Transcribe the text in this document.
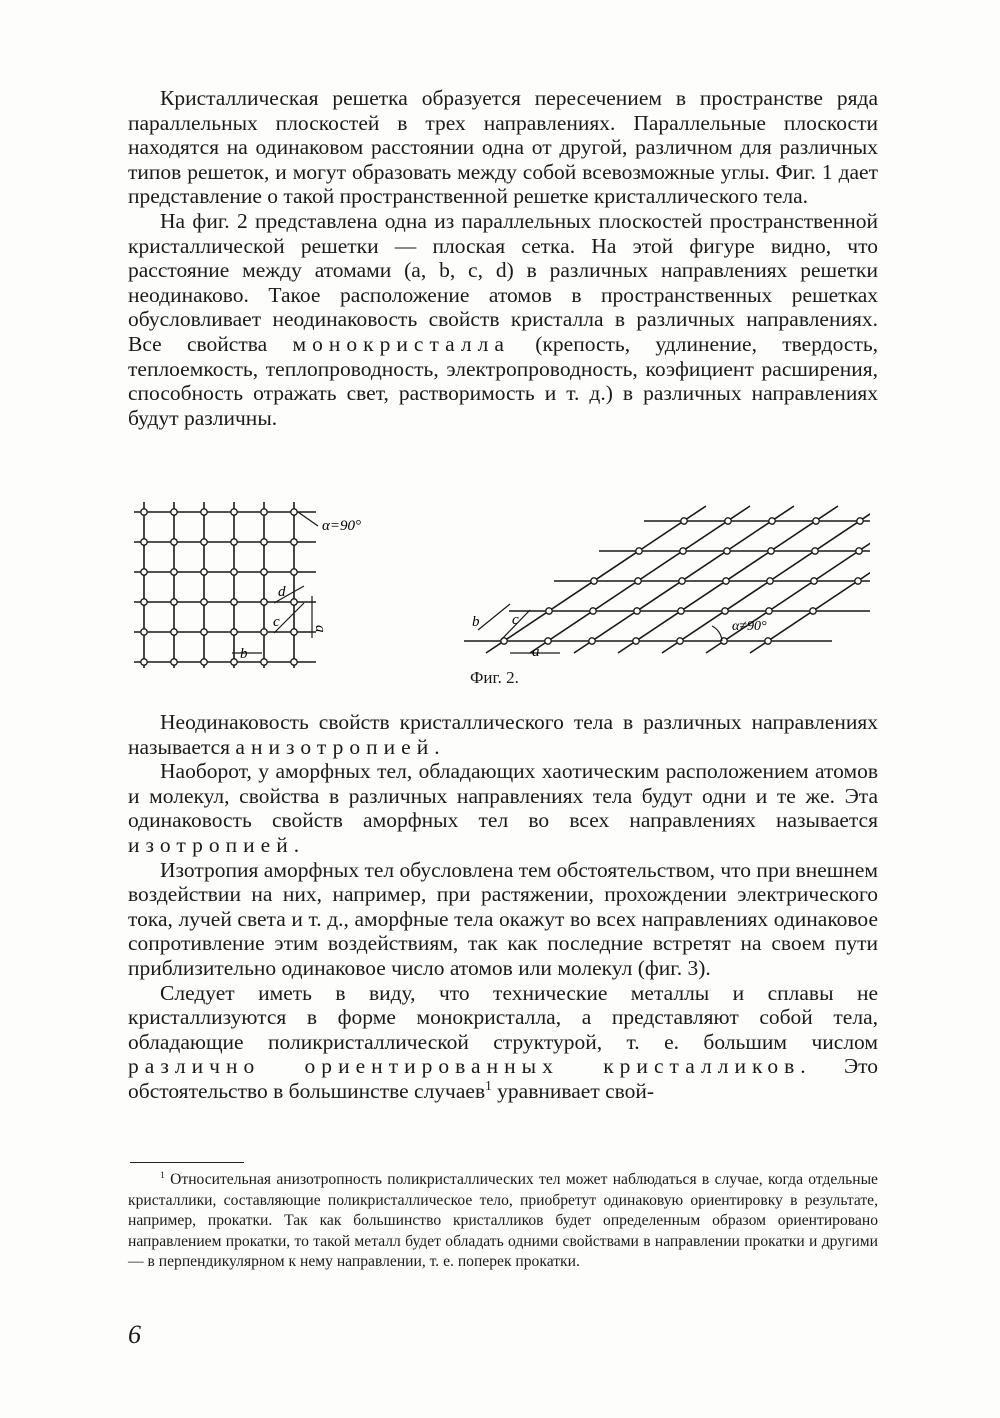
Кристаллическая решетка образуется пересечением в пространстве ряда параллельных плоскостей в трех направлениях. Параллельные плоскости находятся на одинаковом расстоянии одна от другой, различном для различных типов решеток, и могут образовать между собой всевозможные углы. Фиг. 1 дает представление о такой пространственной решетке кристаллического тела.

На фиг. 2 представлена одна из параллельных плоскостей пространственной кристаллической решетки — плоская сетка. На этой фигуре видно, что расстояние между атомами (a, b, c, d) в различных направлениях решетки неодинаково. Такое расположение атомов в пространственных решетках обусловливает неодинаковость свойств кристалла в различных направлениях. Все свойства монокристалла (крепость, удлинение, твердость, теплоемкость, теплопроводность, электропроводность, коэфициент расширения, способность отражать свет, растворимость и т. д.) в различных направлениях будут различны.

α=90°
d
c a
b
α≠90°
a
b c
Фиг. 2.

Неодинаковость свойств кристаллического тела в различных направлениях называется анизотропией.

Наоборот, у аморфных тел, обладающих хаотическим расположением атомов и молекул, свойства в различных направлениях тела будут одни и те же. Эта одинаковость свойств аморфных тел во всех направлениях называется изотропией.

Изотропия аморфных тел обусловлена тем обстоятельством, что при внешнем воздействии на них, например, при растяжении, прохождении электрического тока, лучей света и т. д., аморфные тела окажут во всех направлениях одинаковое сопротивление этим воздействиям, так как последние встретят на своем пути приблизительно одинаковое число атомов или молекул (фиг. 3).

Следует иметь в виду, что технические металлы и сплавы не кристаллизуются в форме монокристалла, а представляют собой тела, обладающие поликристаллической структурой, т. е. большим числом различно ориентированных кристалликов. Это обстоятельство в большинстве случаев$^1$ уравнивает свой-

$^1$ Относительная анизотропность поликристаллических тел может наблюдаться в случае, когда отдельные кристаллики, составляющие поликристаллическое тело, приобретут одинаковую ориентировку в результате, например, прокатки. Так как большинство кристалликов будет определенным образом ориентировано направлением прокатки, то такой металл будет обладать одними свойствами в направлении прокатки и другими — в перпендикулярном к нему направлении, т. е. поперек прокатки.

6
